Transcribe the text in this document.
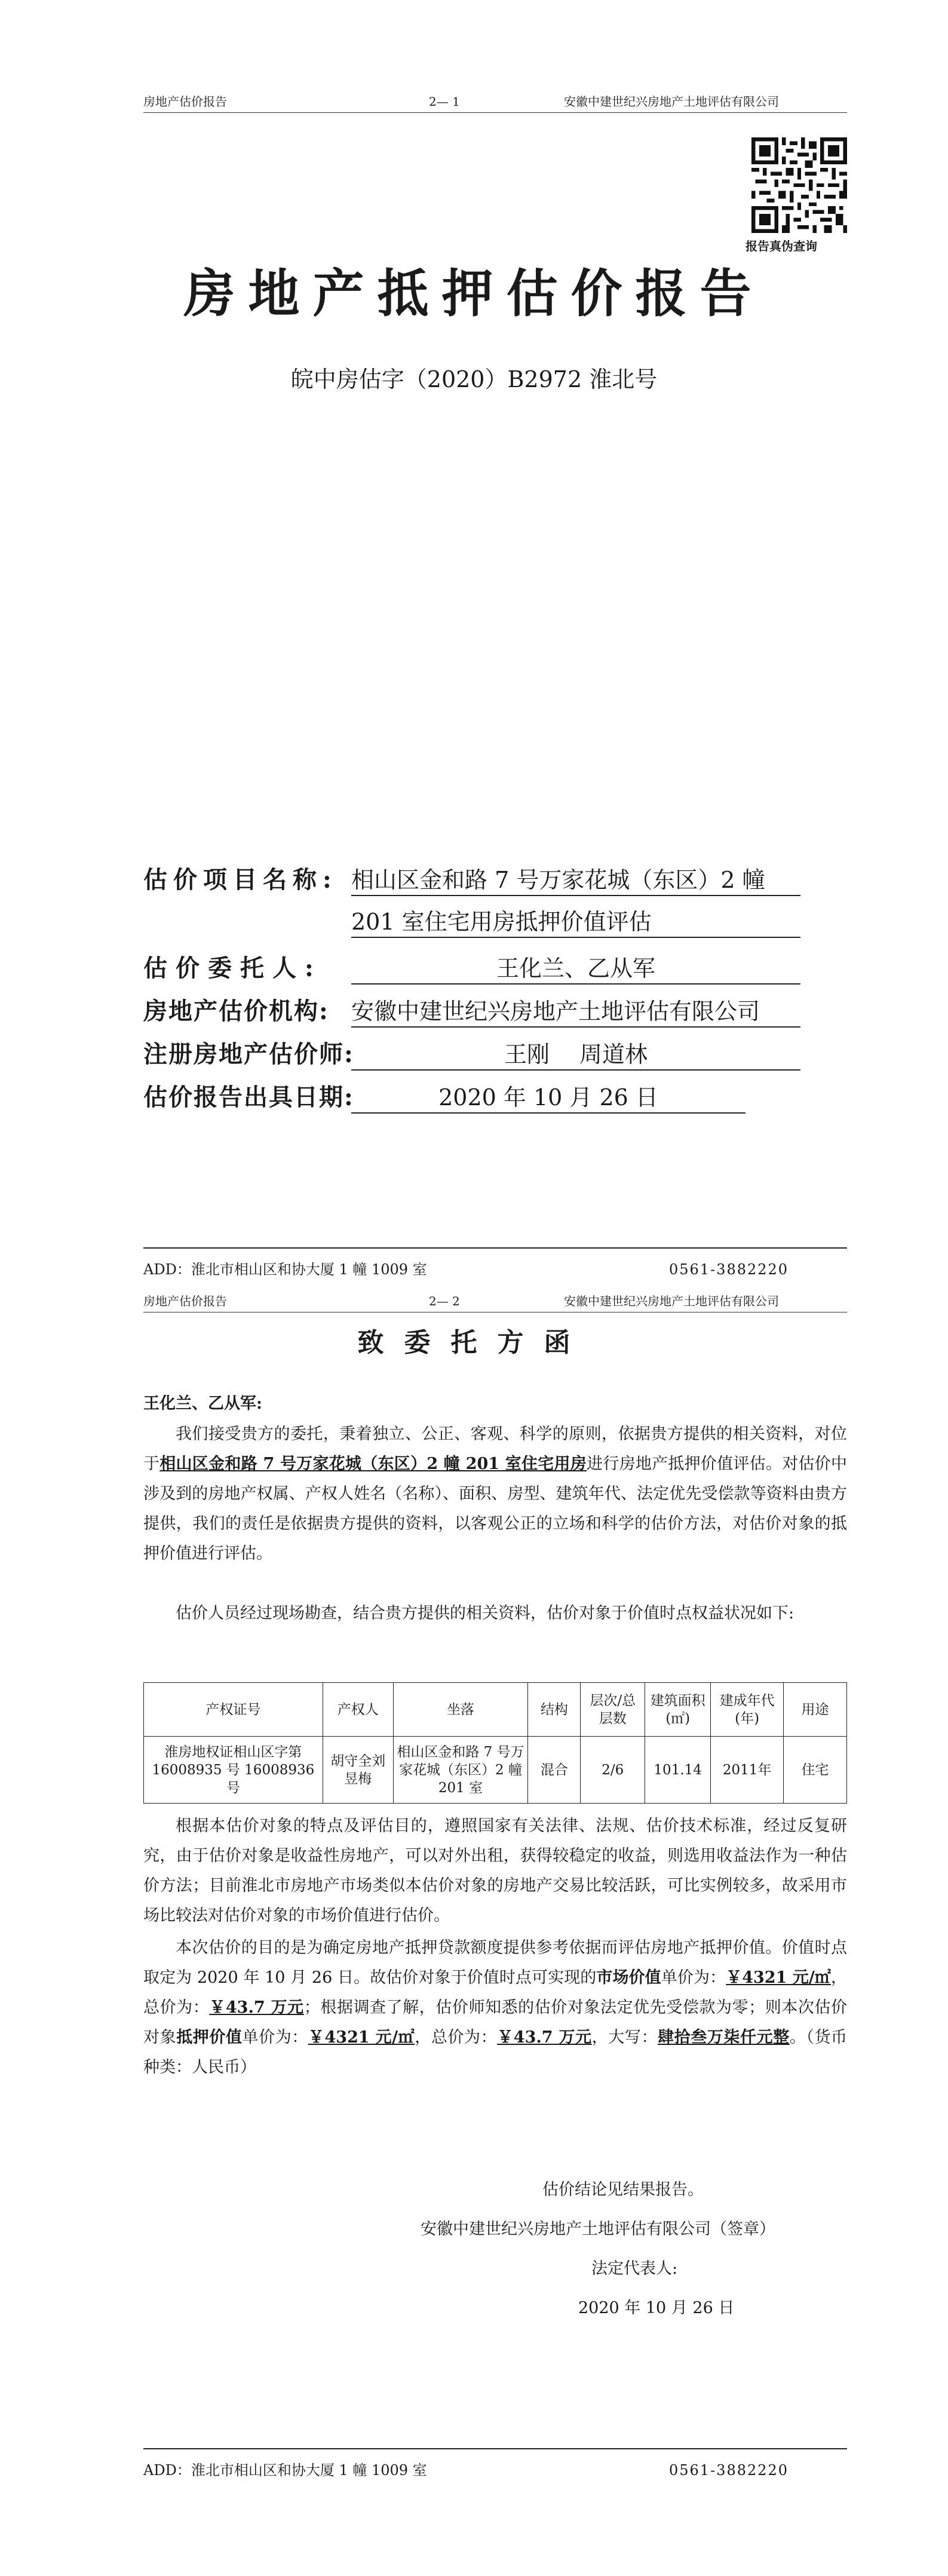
房地产估价报告	2— 1	安徽中建世纪兴房地产土地评估有限公司
报告真伪查询
房地产抵押估价报告
皖中房估字（2020）B2972 淮北号
估价项目名称: 相山区金和路 7 号万家花城（东区）2 幢
201 室住宅用房抵押价值评估
估价委托人:	王化兰、乙从军
房地产估价机构: 安徽中建世纪兴房地产土地评估有限公司
注册房地产估价师:	王刚　 周道林
估价报告出具日期:	2020 年 10 月 26 日
ADD：淮北市相山区和协大厦 1 幢 1009 室	0561-3882220
房地产估价报告	2— 2	安徽中建世纪兴房地产土地评估有限公司
致委托方函
王化兰、乙从军:
我们接受贵方的委托，秉着独立、公正、客观、科学的原则，依据贵方提供的相关资料，对位于相山区金和路 7 号万家花城（东区）2 幢 201 室住宅用房进行房地产抵押价值评估。对估价中涉及到的房地产权属、产权人姓名（名称）、面积、房型、建筑年代、法定优先受偿款等资料由贵方提供，我们的责任是依据贵方提供的资料，以客观公正的立场和科学的估价方法，对估价对象的抵押价值进行评估。
估价人员经过现场勘查，结合贵方提供的相关资料，估价对象于价值时点权益状况如下:
产权证号	产权人	坐落	结构	层次/总层数	建筑面积(㎡)	建成年代(年)	用途
淮房地权证相山区字第 16008935 号 16008936 号	胡守全刘昱梅	相山区金和路 7 号万家花城（东区）2 幢 201 室	混合	2/6	101.14	2011年	住宅
根据本估价对象的特点及评估目的，遵照国家有关法律、法规、估价技术标准，经过反复研究，由于估价对象是收益性房地产，可以对外出租，获得较稳定的收益，则选用收益法作为一种估价方法；目前淮北市房地产市场类似本估价对象的房地产交易比较活跃，可比实例较多，故采用市场比较法对估价对象的市场价值进行估价。
本次估价的目的是为确定房地产抵押贷款额度提供参考依据而评估房地产抵押价值。价值时点取定为 2020 年 10 月 26 日。故估价对象于价值时点可实现的市场价值单价为：￥4321 元/㎡，总价为：￥43.7 万元；根据调查了解，估价师知悉的估价对象法定优先受偿款为零；则本次估价对象抵押价值单价为：￥4321 元/㎡，总价为：￥43.7 万元，大写：肆拾叁万柒仟元整。（货币种类：人民币）
估价结论见结果报告。
安徽中建世纪兴房地产土地评估有限公司（签章）
法定代表人:
2020 年 10 月 26 日
ADD：淮北市相山区和协大厦 1 幢 1009 室	0561-3882220
